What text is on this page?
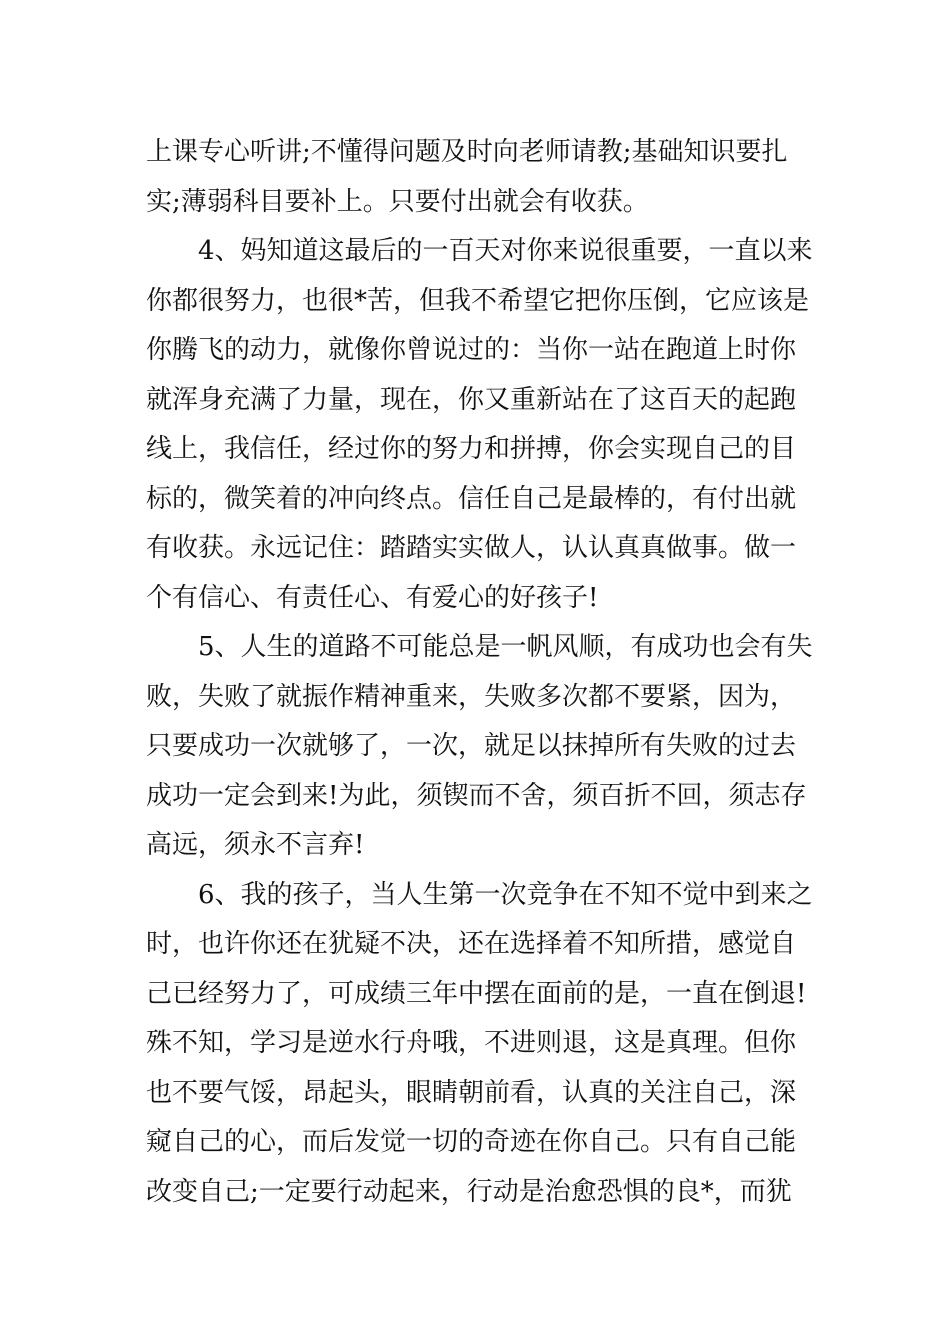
上课专心听讲;不懂得问题及时向老师请教;基础知识要扎
实;薄弱科目要补上。只要付出就会有收获。
4、妈知道这最后的一百天对你来说很重要，一直以来
你都很努力，也很*苦，但我不希望它把你压倒，它应该是
你腾飞的动力，就像你曾说过的：当你一站在跑道上时你
就浑身充满了力量，现在，你又重新站在了这百天的起跑
线上，我信任，经过你的努力和拼搏，你会实现自己的目
标的，微笑着的冲向终点。信任自己是最棒的，有付出就
有收获。永远记住：踏踏实实做人，认认真真做事。做一
个有信心、有责任心、有爱心的好孩子!
5、人生的道路不可能总是一帆风顺，有成功也会有失
败，失败了就振作精神重来，失败多次都不要紧，因为，
只要成功一次就够了，一次，就足以抹掉所有失败的过去
成功一定会到来!为此，须锲而不舍，须百折不回，须志存
高远，须永不言弃!
6、我的孩子，当人生第一次竞争在不知不觉中到来之
时，也许你还在犹疑不决，还在选择着不知所措，感觉自
己已经努力了，可成绩三年中摆在面前的是，一直在倒退!
殊不知，学习是逆水行舟哦，不进则退，这是真理。但你
也不要气馁，昂起头，眼睛朝前看，认真的关注自己，深
窥自己的心，而后发觉一切的奇迹在你自己。只有自己能
改变自己;一定要行动起来，行动是治愈恐惧的良*，而犹
